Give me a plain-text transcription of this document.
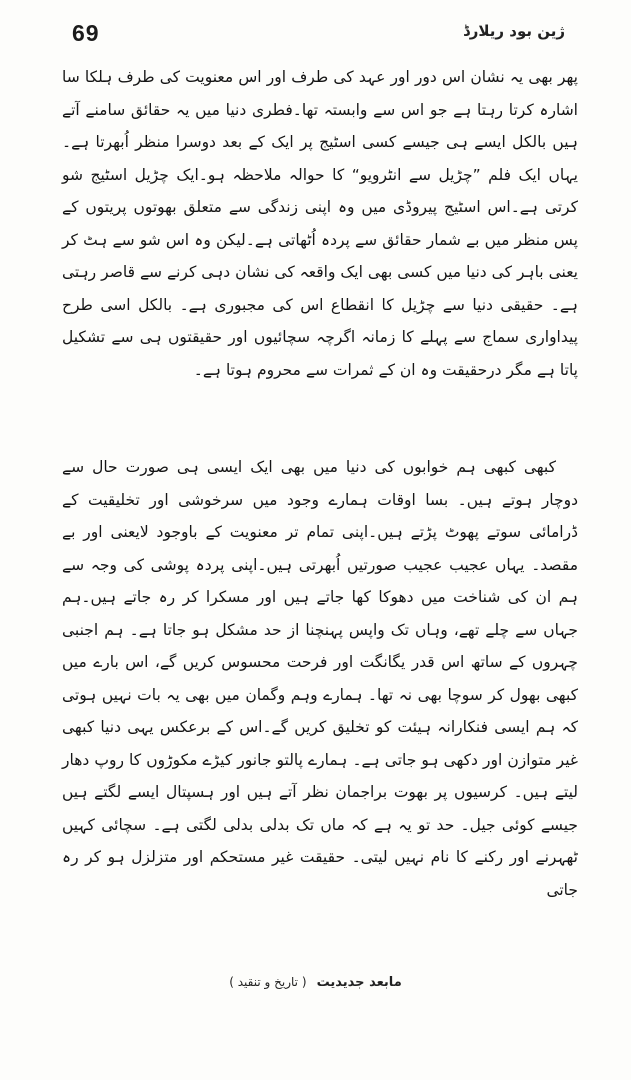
69	ژین بود ریلارڈ

پھر بھی یہ نشان اس دور اور عہد کی طرف اور اس معنویت کی طرف ہلکا سا اشارہ کرتا رہتا ہے جو اس سے وابستہ تھا۔فطری دنیا میں یہ حقائق سامنے آتے ہیں بالکل ایسے ہی جیسے کسی اسٹیج پر ایک کے بعد دوسرا منظر اُبھرتا ہے۔ یہاں ایک فلم ”چڑیل سے انٹرویو“ کا حوالہ ملاحظہ ہو۔ایک چڑیل اسٹیج شو کرتی ہے۔اس اسٹیج پیروڈی میں وہ اپنی زندگی سے متعلق بھوتوں پریتوں کے پس منظر میں بے شمار حقائق سے پردہ اُٹھاتی ہے۔لیکن وہ اس شو سے ہٹ کر یعنی باہر کی دنیا میں کسی بھی ایک واقعہ کی نشان دہی کرنے سے قاصر رہتی ہے۔ حقیقی دنیا سے چڑیل کا انقطاع اس کی مجبوری ہے۔ بالکل اسی طرح پیداواری سماج سے پہلے کا زمانہ اگرچہ سچائیوں اور حقیقتوں ہی سے تشکیل پاتا ہے مگر درحقیقت وہ ان کے ثمرات سے محروم ہوتا ہے۔

کبھی کبھی ہم خوابوں کی دنیا میں بھی ایک ایسی ہی صورت حال سے دوچار ہوتے ہیں۔ بسا اوقات ہمارے وجود میں سرخوشی اور تخلیقیت کے ڈرامائی سوتے پھوٹ پڑتے ہیں۔اپنی تمام تر معنویت کے باوجود لایعنی اور بے مقصد۔ یہاں عجیب عجیب صورتیں اُبھرتی ہیں۔اپنی پردہ پوشی کی وجہ سے ہم ان کی شناخت میں دھوکا کھا جاتے ہیں اور مسکرا کر رہ جاتے ہیں۔ہم جہاں سے چلے تھے، وہاں تک واپس پہنچنا از حد مشکل ہو جاتا ہے۔ ہم اجنبی چہروں کے ساتھ اس قدر یگانگت اور فرحت محسوس کریں گے، اس بارے میں کبھی بھول کر سوچا بھی نہ تھا۔ ہمارے وہم وگمان میں بھی یہ بات نہیں ہوتی کہ ہم ایسی فنکارانہ ہیئت کو تخلیق کریں گے۔اس کے برعکس یہی دنیا کبھی غیر متوازن اور دکھی ہو جاتی ہے۔ ہمارے پالتو جانور کیڑے مکوڑوں کا روپ دھار لیتے ہیں۔ کرسیوں پر بھوت براجمان نظر آتے ہیں اور ہسپتال ایسے لگتے ہیں جیسے کوئی جیل۔ حد تو یہ ہے کہ ماں تک بدلی بدلی لگتی ہے۔ سچائی کہیں ٹھہرنے اور رکنے کا نام نہیں لیتی۔ حقیقت غیر مستحکم اور متزلزل ہو کر رہ جاتی

مابعد جدیدیت ( تاریخ و تنقید )
